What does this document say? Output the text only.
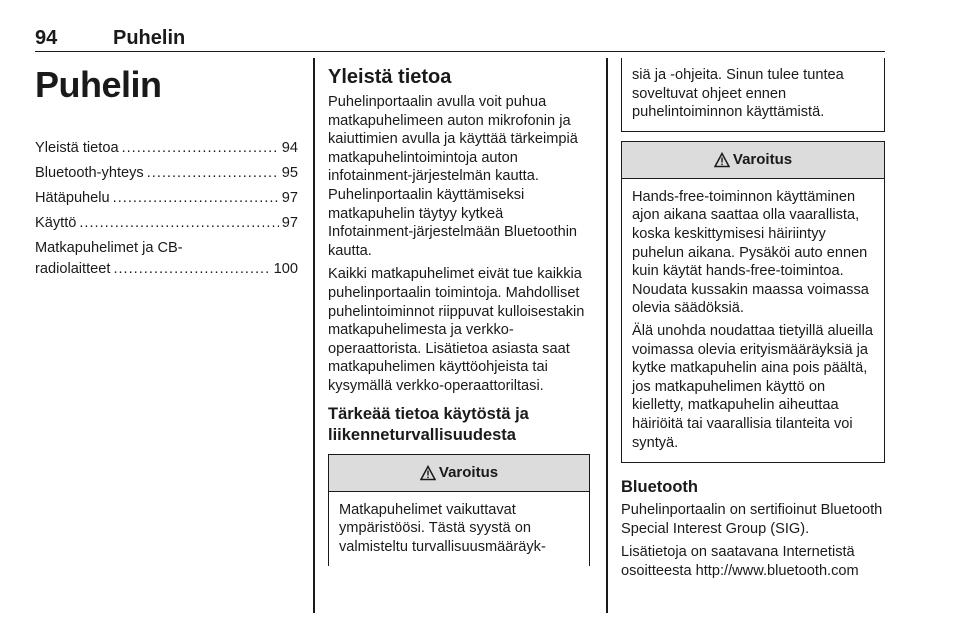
94	Puhelin
Puhelin
Yleistä tietoa .....	94
Bluetooth-yhteys .....	95
Hätäpuhelu .....	97
Käyttö .....	97
Matkapuhelimet ja CB-
radiolaitteet .....	100
Yleistä tietoa

Puhelinportaalin avulla voit puhua matkapuhelimeen auton mikrofonin ja kaiuttimien avulla ja käyttää tärkeimpiä matkapuhelintoimintoja auton infotainment-järjestelmän kautta. Puhelinportaalin käyttämiseksi matkapuhelin täytyy kytkeä Infotainment-järjestelmään Bluetoothin kautta.

Kaikki matkapuhelimet eivät tue kaikkia puhelinportaalin toimintoja. Mahdolliset puhelintoiminnot riippuvat kulloisestakin matkapuhelimesta ja verkko-operaattorista. Lisätietoa asiasta saat matkapuhelimen käyttöohjeista tai kysymällä verkko-operaattoriltasi.

Tärkeää tietoa käytöstä ja liikenneturvallisuudesta
Varoitus

Matkapuhelimet vaikuttavat ympäristöösi. Tästä syystä on valmisteltu turvallisuusmääräyk-

siä ja -ohjeita. Sinun tulee tuntea soveltuvat ohjeet ennen puhelintoiminnon käyttämistä.

Varoitus

Hands-free-toiminnon käyttäminen ajon aikana saattaa olla vaarallista, koska keskittymisesi häiriintyy puhelun aikana. Pysäköi auto ennen kuin käytät hands-free-toimintoa. Noudata kussakin maassa voimassa olevia säädöksiä.

Älä unohda noudattaa tietyillä alueilla voimassa olevia erityismääräyksiä ja kytke matkapuhelin aina pois päältä, jos matkapuhelimen käyttö on kielletty, matkapuhelin aiheuttaa häiriöitä tai vaarallisia tilanteita voi syntyä.

Bluetooth

Puhelinportaalin on sertifioinut Bluetooth Special Interest Group (SIG).

Lisätietoja on saatavana Internetistä osoitteesta http://www.bluetooth.com
